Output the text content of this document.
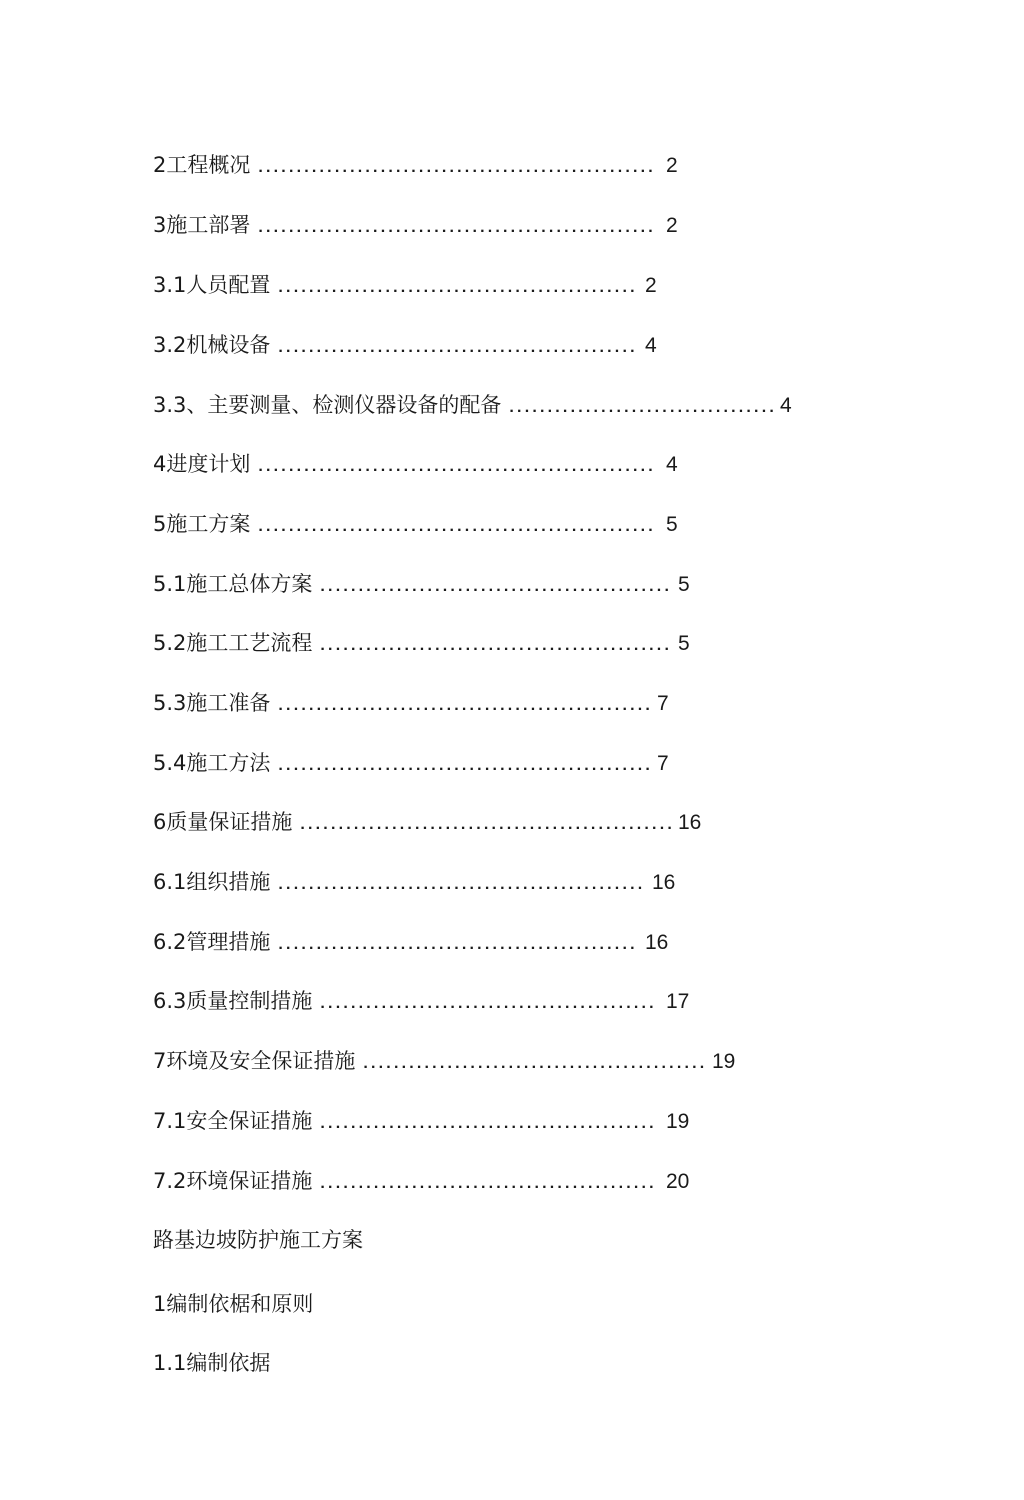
2工程概况 .................................................... 2
3施工部署 .................................................... 2
3.1人员配置 ............................................... 2
3.2机械设备 ............................................... 4
3.3、主要测量、检测仪器设备的配备 ................................... 4
4进度计划 .................................................... 4
5施工方案 .................................................... 5
5.1施工总体方案 .............................................. 5
5.2施工工艺流程 .............................................. 5
5.3施工准备 ................................................. 7
5.4施工方法 ................................................. 7
6质量保证措施 ................................................. 16
6.1组织措施 ................................................ 16
6.2管理措施 ............................................... 16
6.3质量控制措施 ............................................ 17
7环境及安全保证措施 ............................................. 19
7.1安全保证措施 ............................................ 19
7.2环境保证措施 ............................................ 20
路基边坡防护施工方案
1编制依椐和原则
1.1编制依据
